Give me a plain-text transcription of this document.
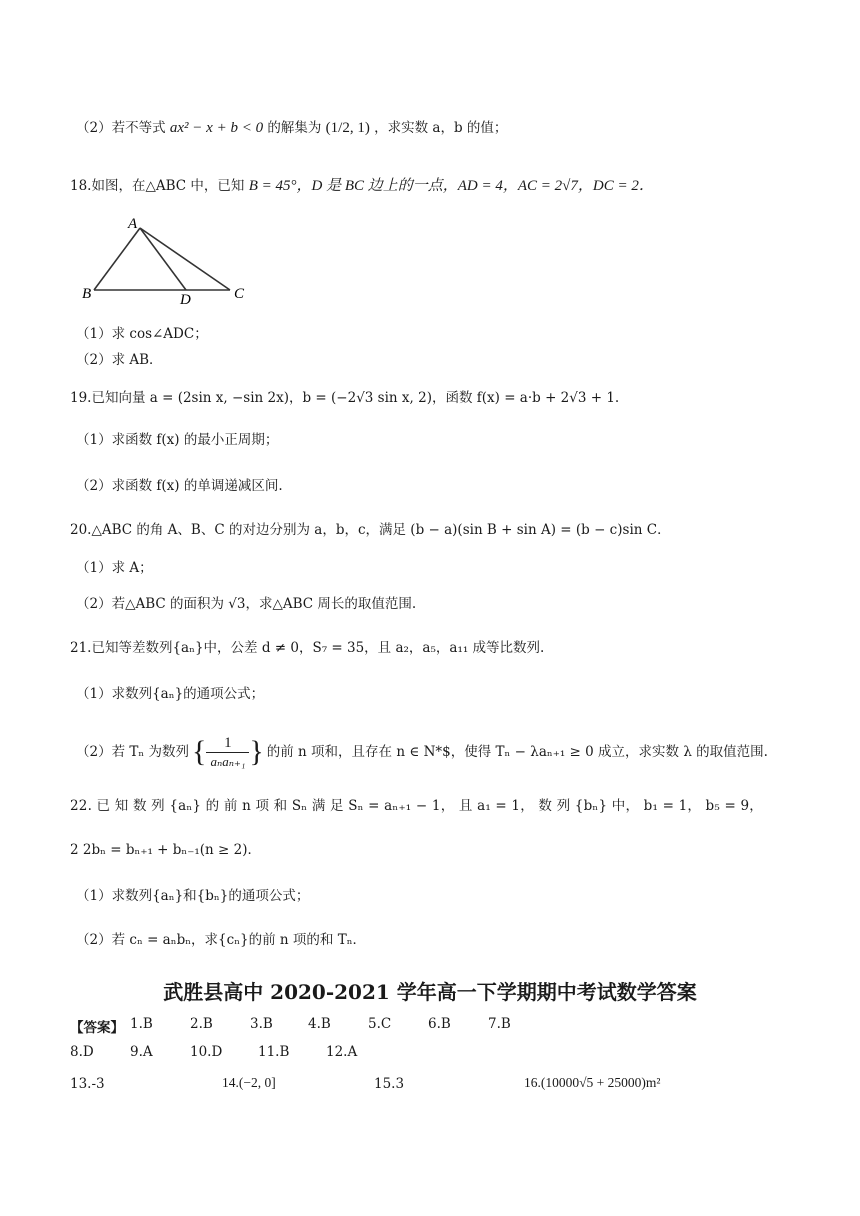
（2）若不等式 ax² − x + b < 0 的解集为 (1/2, 1) ，求实数 a，b 的值；
18.如图，在△ABC 中，已知 B = 45°，D 是 BC 边上的一点，AD = 4，AC = 2√7，DC = 2．
A
B	C
D
（1）求 cos∠ADC；
（2）求 AB．
19.已知向量 a = (2sin x, −sin 2x)，b = (−2√3 sin x, 2)，函数 f(x) = a·b + 2√3 + 1.
（1）求函数 f(x) 的最小正周期；
（2）求函数 f(x) 的单调递减区间.
20.△ABC 的角 A、B、C 的对边分别为 a，b，c，满足 (b − a)(sin B + sin A) = (b − c)sin C．
（1）求 A；
（2）若△ABC 的面积为 √3，求△ABC 周长的取值范围.
21.已知等差数列{aₙ}中，公差 d ≠ 0，S₇ = 35，且 a₂，a₅，a₁₁ 成等比数列.
（1）求数列{aₙ}的通项公式；
（2）若 Tₙ 为数列 { 1
aₙaₙ₊₁ } 的前 n 项和，且存在 n ∈ N*$，使得 Tₙ − λaₙ₊₁ ≥ 0 成立，求实数 λ 的取值范围.
22. 已 知 数 列 {aₙ} 的 前 n 项 和 Sₙ 满 足 Sₙ = aₙ₊₁ − 1， 且 a₁ = 1， 数 列 {bₙ} 中， b₁ = 1， b₅ = 9，
2 2bₙ = bₙ₊₁ + bₙ₋₁(n ≥ 2)．
（1）求数列{aₙ}和{bₙ}的通项公式；
（2）若 cₙ = aₙbₙ，求{cₙ}的前 n 项的和 Tₙ．
武胜县高中 2020-2021 学年高一下学期期中考试数学答案
【答案】 1.B	2.B	3.B	4.B	5.C	6.B	7.B
8.D	9.A	10.D	11.B	12.A
13.-3	14.(−2, 0]	15.3	16.(10000√5 + 25000)m²
